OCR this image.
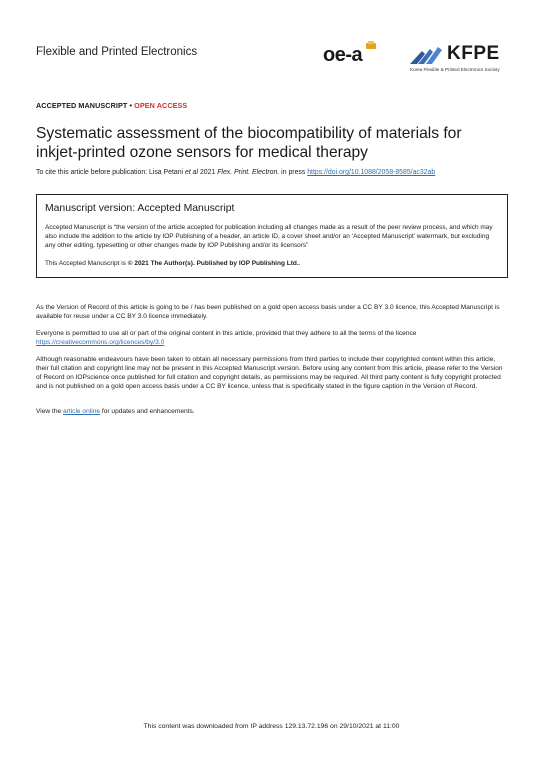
Flexible and Printed Electronics	oe-a	KFPE
Korea Flexible & Printed Electronics Society
ACCEPTED MANUSCRIPT • OPEN ACCESS
Systematic assessment of the biocompatibility of materials for inkjet-printed ozone sensors for medical therapy
To cite this article before publication: Lisa Petani et al 2021 Flex. Print. Electron. in press https://doi.org/10.1088/2058-8585/ac32ab
Manuscript version: Accepted Manuscript
Accepted Manuscript is “the version of the article accepted for publication including all changes made as a result of the peer review process, and which may also include the addition to the article by IOP Publishing of a header, an article ID, a cover sheet and/or an ‘Accepted Manuscript’ watermark, but excluding any other editing, typesetting or other changes made by IOP Publishing and/or its licensors”
This Accepted Manuscript is © 2021 The Author(s). Published by IOP Publishing Ltd..
As the Version of Record of this article is going to be / has been published on a gold open access basis under a CC BY 3.0 licence, this Accepted Manuscript is available for reuse under a CC BY 3.0 licence immediately.
Everyone is permitted to use all or part of the original content in this article, provided that they adhere to all the terms of the licence
https://creativecommons.org/licences/by/3.0
Although reasonable endeavours have been taken to obtain all necessary permissions from third parties to include their copyrighted content within this article, their full citation and copyright line may not be present in this Accepted Manuscript version. Before using any content from this article, please refer to the Version of Record on IOPscience once published for full citation and copyright details, as permissions may be required. All third party content is fully copyright protected and is not published on a gold open access basis under a CC BY licence, unless that is specifically stated in the figure caption in the Version of Record.
View the article online for updates and enhancements.
This content was downloaded from IP address 129.13.72.196 on 29/10/2021 at 11:00
